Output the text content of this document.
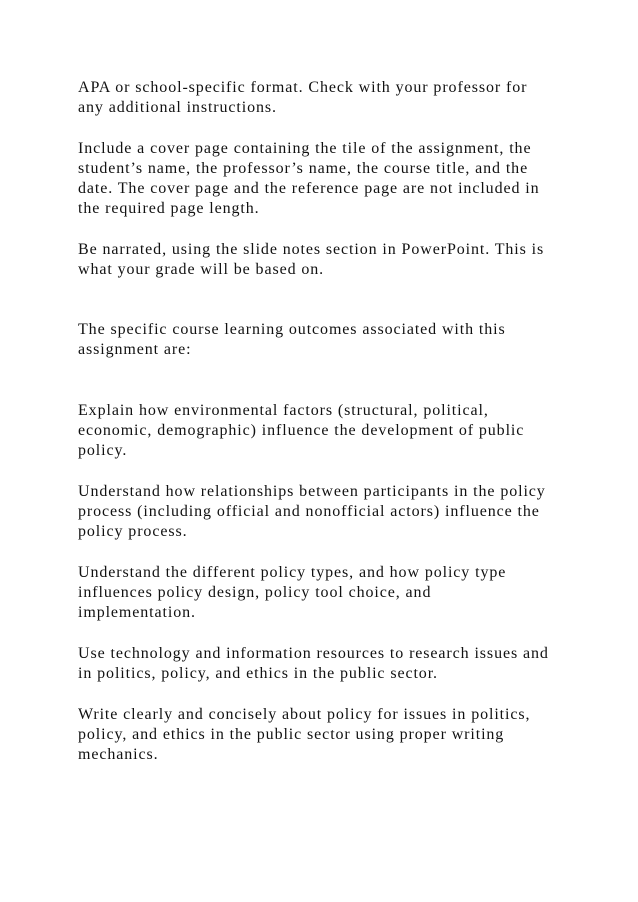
APA or school-specific format. Check with your professor for

any additional instructions.

Include a cover page containing the tile of the assignment, the

student’s name, the professor’s name, the course title, and the

date. The cover page and the reference page are not included in

the required page length.

Be narrated, using the slide notes section in PowerPoint. This is

what your grade will be based on.

The specific course learning outcomes associated with this

assignment are:

Explain how environmental factors (structural, political,

economic, demographic) influence the development of public

policy.

Understand how relationships between participants in the policy

process (including official and nonofficial actors) influence the

policy process.

Understand the different policy types, and how policy type

influences policy design, policy tool choice, and

implementation.

Use technology and information resources to research issues and

in politics, policy, and ethics in the public sector.

Write clearly and concisely about policy for issues in politics,

policy, and ethics in the public sector using proper writing

mechanics.
